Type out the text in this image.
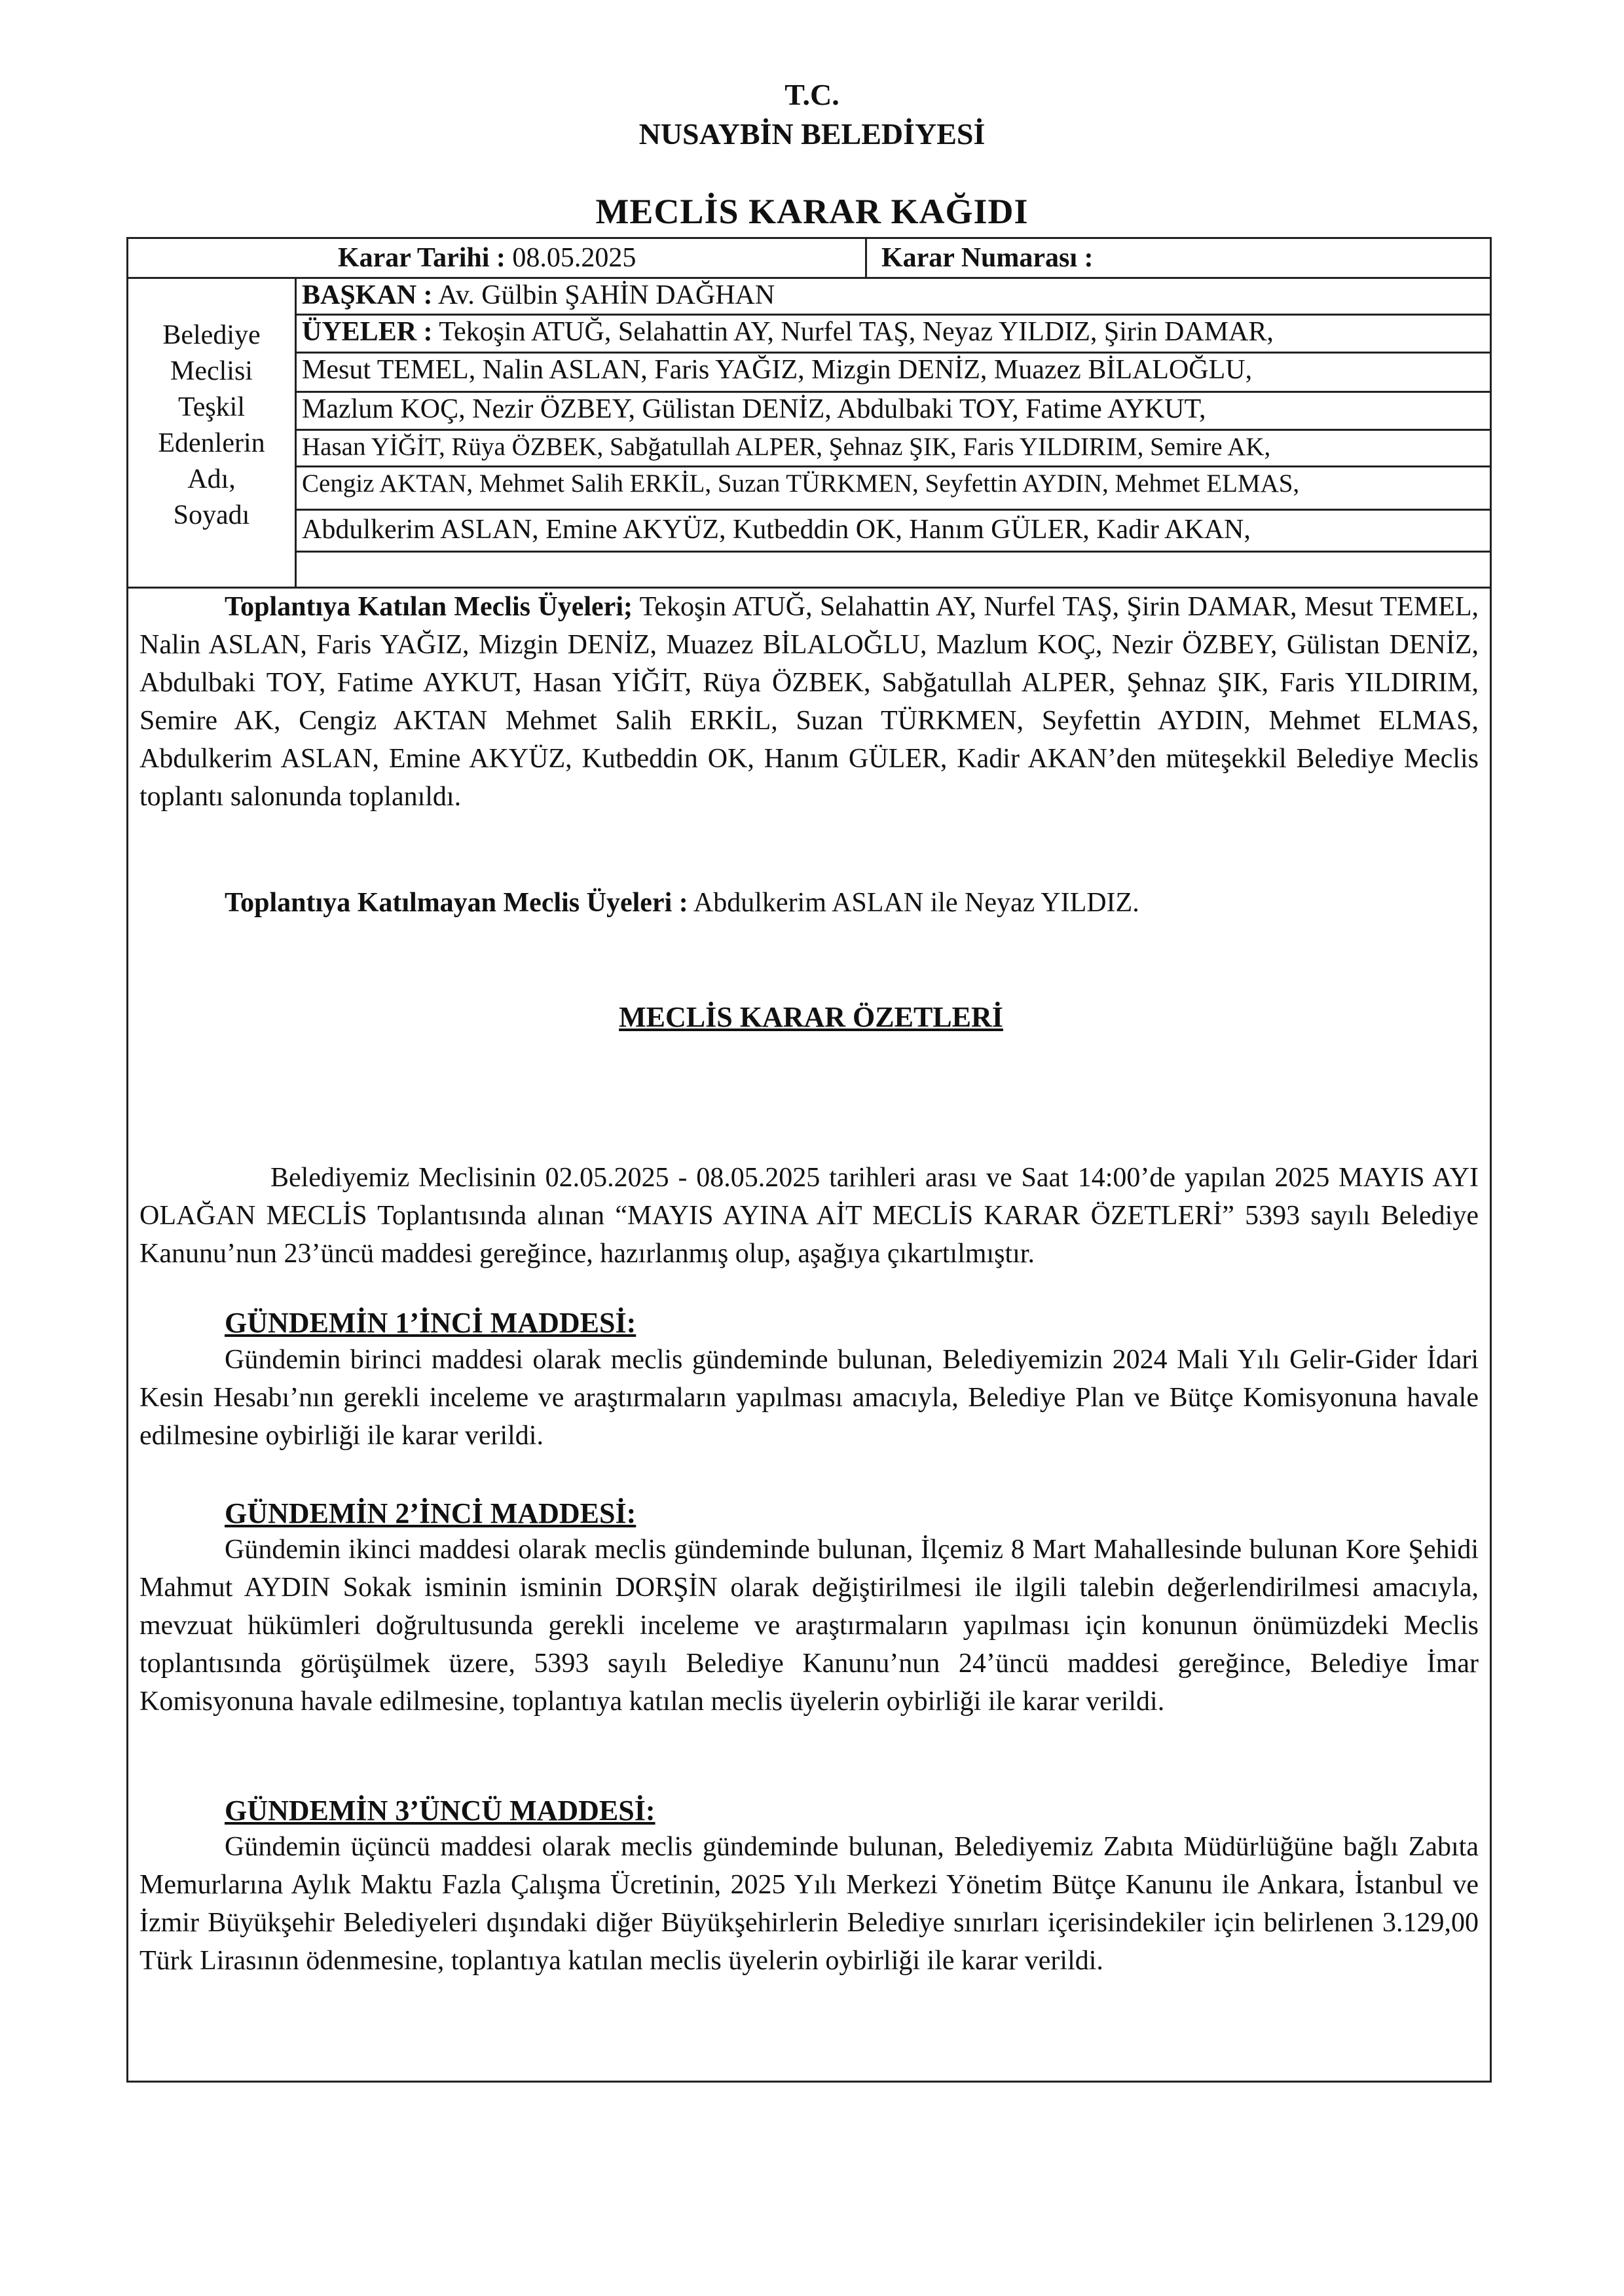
T.C.
NUSAYBİN BELEDİYESİ
MECLİS KARAR KAĞIDI
Karar Tarihi : 08.05.2025	Karar Numarası :
Belediye
Meclisi
Teşkil
Edenlerin
Adı,
Soyadı
BAŞKAN : Av. Gülbin ŞAHİN DAĞHAN
ÜYELER : Tekoşin ATUĞ, Selahattin AY, Nurfel TAŞ, Neyaz YILDIZ, Şirin DAMAR,
Mesut TEMEL, Nalin ASLAN, Faris YAĞIZ, Mizgin DENİZ, Muazez BİLALOĞLU,
Mazlum KOÇ, Nezir ÖZBEY, Gülistan DENİZ, Abdulbaki TOY, Fatime AYKUT,
Hasan YİĞİT, Rüya ÖZBEK, Sabğatullah ALPER, Şehnaz ŞIK, Faris YILDIRIM, Semire AK,
Cengiz AKTAN, Mehmet Salih ERKİL, Suzan TÜRKMEN, Seyfettin AYDIN, Mehmet ELMAS,
Abdulkerim ASLAN, Emine AKYÜZ, Kutbeddin OK, Hanım GÜLER, Kadir AKAN,
Toplantıya Katılan Meclis Üyeleri; Tekoşin ATUĞ, Selahattin AY, Nurfel TAŞ, Şirin DAMAR, Mesut TEMEL, Nalin ASLAN, Faris YAĞIZ, Mizgin DENİZ, Muazez BİLALOĞLU, Mazlum KOÇ, Nezir ÖZBEY, Gülistan DENİZ, Abdulbaki TOY, Fatime AYKUT, Hasan YİĞİT, Rüya ÖZBEK, Sabğatullah ALPER, Şehnaz ŞIK, Faris YILDIRIM, Semire AK, Cengiz AKTAN Mehmet Salih ERKİL, Suzan TÜRKMEN, Seyfettin AYDIN, Mehmet ELMAS, Abdulkerim ASLAN, Emine AKYÜZ, Kutbeddin OK, Hanım GÜLER, Kadir AKAN’den müteşekkil Belediye Meclis toplantı salonunda toplanıldı.
Toplantıya Katılmayan Meclis Üyeleri : Abdulkerim ASLAN ile Neyaz YILDIZ.
MECLİS KARAR ÖZETLERİ
Belediyemiz Meclisinin 02.05.2025 - 08.05.2025 tarihleri arası ve Saat 14:00’de yapılan 2025 MAYIS AYI OLAĞAN MECLİS Toplantısında alınan “MAYIS AYINA AİT MECLİS KARAR ÖZETLERİ” 5393 sayılı Belediye Kanunu’nun 23’üncü maddesi gereğince, hazırlanmış olup, aşağıya çıkartılmıştır.
GÜNDEMİN 1’İNCİ MADDESİ:
Gündemin birinci maddesi olarak meclis gündeminde bulunan, Belediyemizin 2024 Mali Yılı Gelir-Gider İdari Kesin Hesabı’nın gerekli inceleme ve araştırmaların yapılması amacıyla, Belediye Plan ve Bütçe Komisyonuna havale edilmesine oybirliği ile karar verildi.
GÜNDEMİN 2’İNCİ MADDESİ:
Gündemin ikinci maddesi olarak meclis gündeminde bulunan, İlçemiz 8 Mart Mahallesinde bulunan Kore Şehidi Mahmut AYDIN Sokak isminin isminin DORŞİN olarak değiştirilmesi ile ilgili talebin değerlendirilmesi amacıyla, mevzuat hükümleri doğrultusunda gerekli inceleme ve araştırmaların yapılması için konunun önümüzdeki Meclis toplantısında görüşülmek üzere, 5393 sayılı Belediye Kanunu’nun 24’üncü maddesi gereğince, Belediye İmar Komisyonuna havale edilmesine, toplantıya katılan meclis üyelerin oybirliği ile karar verildi.
GÜNDEMİN 3’ÜNCÜ MADDESİ:
Gündemin üçüncü maddesi olarak meclis gündeminde bulunan, Belediyemiz Zabıta Müdürlüğüne bağlı Zabıta Memurlarına Aylık Maktu Fazla Çalışma Ücretinin, 2025 Yılı Merkezi Yönetim Bütçe Kanunu ile Ankara, İstanbul ve İzmir Büyükşehir Belediyeleri dışındaki diğer Büyükşehirlerin Belediye sınırları içerisindekiler için belirlenen 3.129,00 Türk Lirasının ödenmesine, toplantıya katılan meclis üyelerin oybirliği ile karar verildi.
